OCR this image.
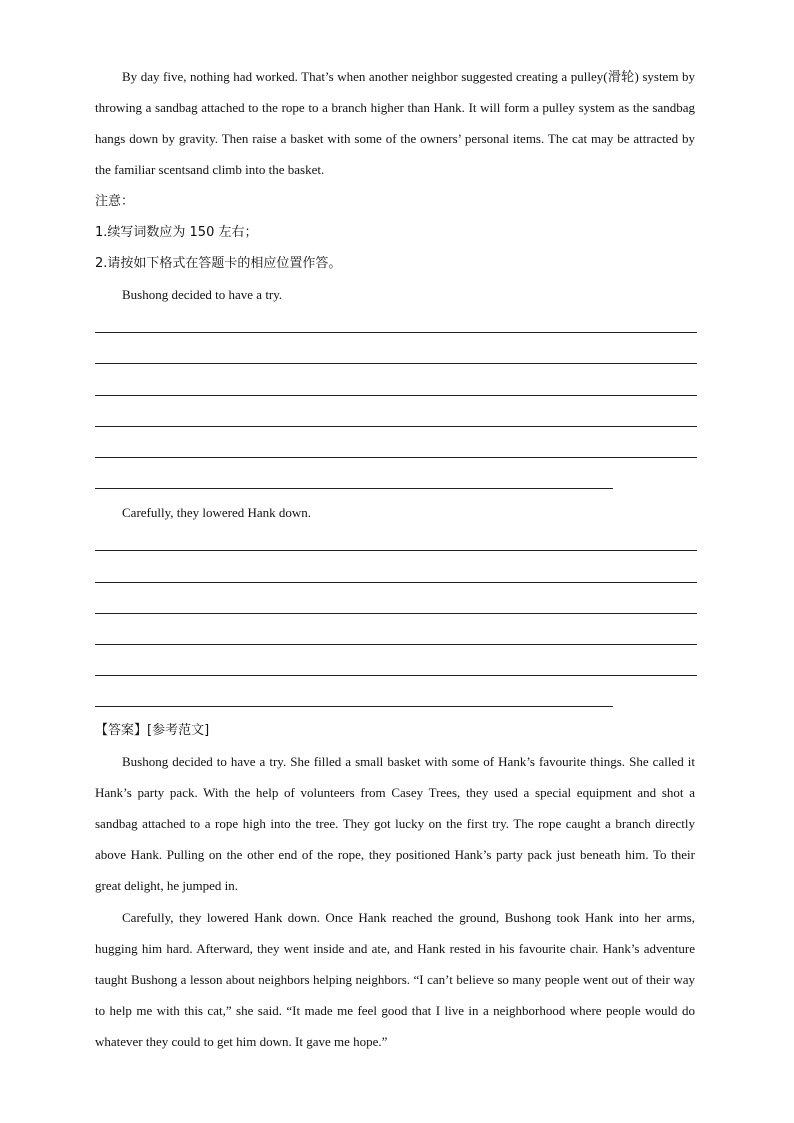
By day five, nothing had worked. That’s when another neighbor suggested creating a pulley(滑轮) system by throwing a sandbag attached to the rope to a branch higher than Hank. It will form a pulley system as the sandbag hangs down by gravity. Then raise a basket with some of the owners’ personal items. The cat may be attracted by the familiar scentsand climb into the basket.

注意：

1.续写词数应为 150 左右；

2.请按如下格式在答题卡的相应位置作答。

Bushong decided to have a try.

Carefully, they lowered Hank down.

【答案】[参考范文]

Bushong decided to have a try. She filled a small basket with some of Hank’s favourite things. She called it Hank’s party pack. With the help of volunteers from Casey Trees, they used a special equipment and shot a sandbag attached to a rope high into the tree. They got lucky on the first try. The rope caught a branch directly above Hank. Pulling on the other end of the rope, they positioned Hank’s party pack just beneath him. To their great delight, he jumped in.

Carefully, they lowered Hank down. Once Hank reached the ground, Bushong took Hank into her arms, hugging him hard. Afterward, they went inside and ate, and Hank rested in his favourite chair. Hank’s adventure taught Bushong a lesson about neighbors helping neighbors. “I can’t believe so many people went out of their way to help me with this cat,” she said. “It made me feel good that I live in a neighborhood where people would do whatever they could to get him down. It gave me hope.”
